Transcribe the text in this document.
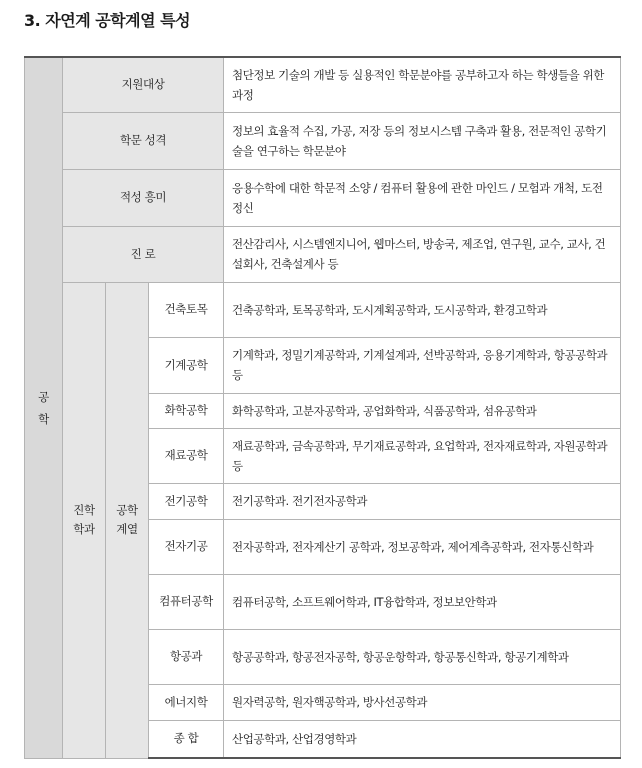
3. 자연계 공학계열 특성
공
학	지원대상			첨단정보 기술의 개발 등 실용적인 학문분야를 공부하고자 하는 학생들을 위한 과정
	학문 성격			정보의 효율적 수집, 가공, 저장 등의 정보시스템 구축과 활용, 전문적인 공학기술을 연구하는 학문분야
	적성 흥미			응용수학에 대한 학문적 소양 / 컴퓨터 활용에 관한 마인드 / 모험과 개척, 도전 정신
	진 로			전산감리사, 시스템엔지니어, 웹마스터, 방송국, 제조업, 연구원, 교수, 교사, 건설회사, 건축설계사 등
	진학
학과	공학
계열	건축토목	건축공학과, 토목공학과, 도시계획공학과, 도시공학과, 환경고학과
			기계공학	기계학과, 정밀기계공학과, 기계설계과, 선박공학과, 응용기계학과, 항공공학과 등
			화학공학	화학공학과, 고분자공학과, 공업화학과, 식품공학과, 섬유공학과
			재료공학	재료공학과, 금속공학과, 무기재료공학과, 요업학과, 전자재료학과, 자원공학과 등
			전기공학	전기공학과. 전기전자공학과
			전자기공	전자공학과, 전자계산기 공학과, 정보공학과, 제어계측공학과, 전자통신학과
			컴퓨터공학	컴퓨터공학, 소프트웨어학과, IT융합학과, 정보보안학과
			항공과	항공공학과, 항공전자공학, 항공운항학과, 항공통신학과, 항공기계학과
			에너지학	원자력공학, 원자핵공학과, 방사선공학과
			종 합	산업공학과, 산업경영학과
